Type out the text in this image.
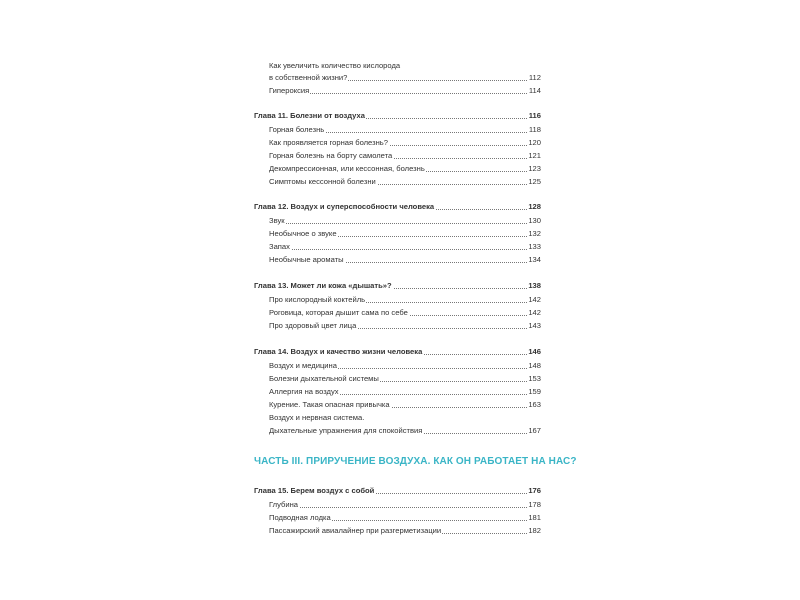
Как увеличить количество кислорода
в собственной жизни?	112
Гипероксия	114
Глава 11. Болезни от воздуха	116
Горная болезнь	118
Как проявляется горная болезнь?	120
Горная болезнь на борту самолета	121
Декомпрессионная, или кессонная, болезнь	123
Симптомы кессонной болезни	125
Глава 12. Воздух и суперспособности человека	128
Звук	130
Необычное о звуке	132
Запах	133
Необычные ароматы	134
Глава 13. Может ли кожа «дышать»?	138
Про кислородный коктейль	142
Роговица, которая дышит сама по себе	142
Про здоровый цвет лица	143
Глава 14. Воздух и качество жизни человека	146
Воздух и медицина	148
Болезни дыхательной системы	153
Аллергия на воздух	159
Курение. Такая опасная привычка	163
Воздух и нервная система.
Дыхательные упражнения для спокойствия	167
ЧАСТЬ III. ПРИРУЧЕНИЕ ВОЗДУХА. КАК ОН РАБОТАЕТ НА НАС?
Глава 15. Берем воздух с собой	176
Глубина	178
Подводная лодка	181
Пассажирский авиалайнер при разгерметизации	182
